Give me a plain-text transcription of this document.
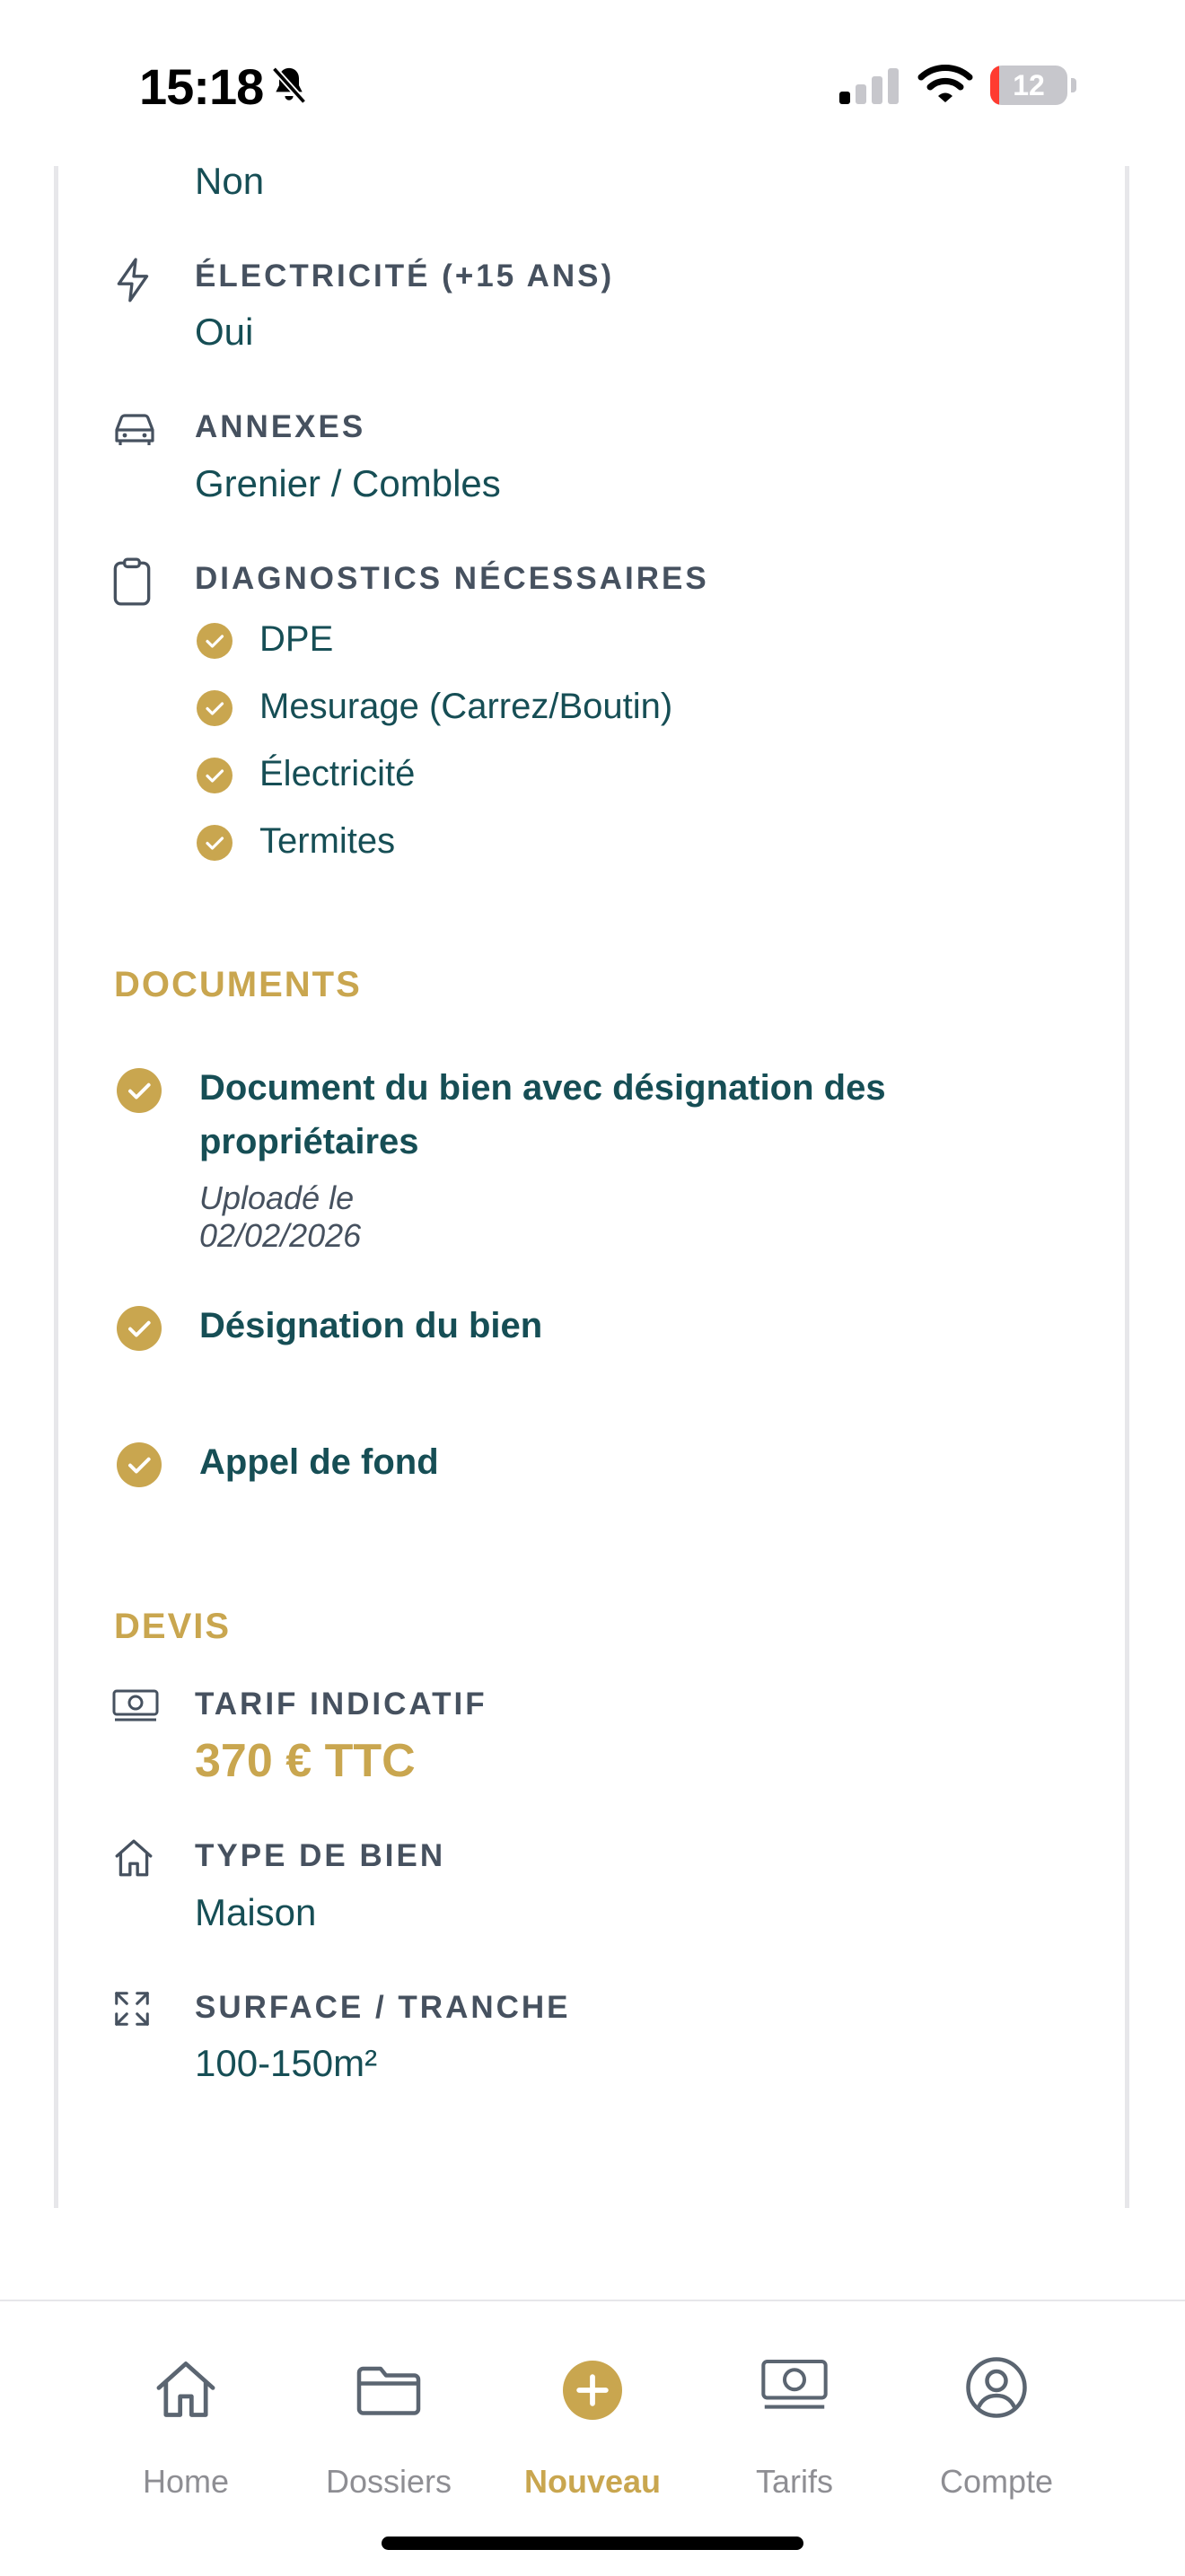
15:18	12
Non
ÉLECTRICITÉ (+15 ANS)
Oui
ANNEXES
Grenier / Combles
DIAGNOSTICS NÉCESSAIRES
DPE
Mesurage (Carrez/Boutin)
Électricité
Termites
DOCUMENTS
Document du bien avec désignation des propriétaires
Uploadé le 02/02/2026
Désignation du bien
Appel de fond
DEVIS
TARIF INDICATIF
370 € TTC
TYPE DE BIEN
Maison
SURFACE / TRANCHE
100-150m²
Home	Dossiers	Nouveau	Tarifs	Compte
